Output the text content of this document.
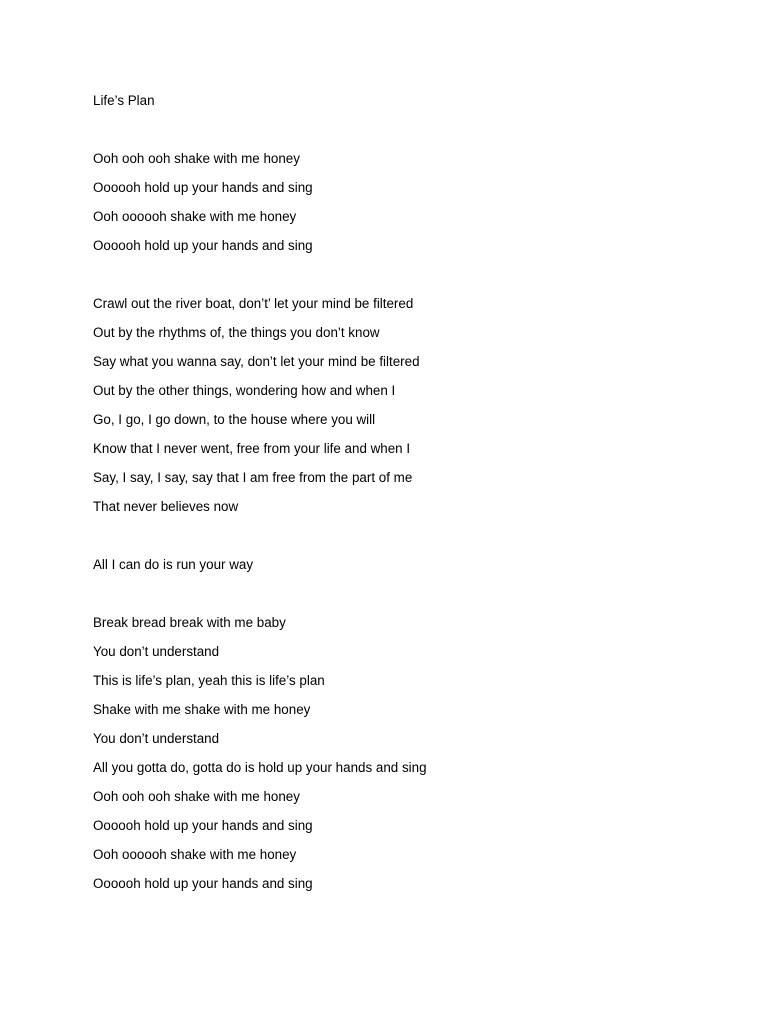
Life’s Plan
Ooh ooh ooh shake with me honey
Oooooh hold up your hands and sing
Ooh oooooh shake with me honey
Oooooh hold up your hands and sing
Crawl out the river boat, don’t’ let your mind be filtered
Out by the rhythms of, the things you don’t know
Say what you wanna say, don’t let your mind be filtered
Out by the other things, wondering how and when I
Go, I go, I go down, to the house where you will
Know that I never went, free from your life and when I
Say, I say, I say, say that I am free from the part of me
That never believes now
All I can do is run your way
Break bread break with me baby
You don’t understand
This is life’s plan, yeah this is life’s plan
Shake with me shake with me honey
You don’t understand
All you gotta do, gotta do is hold up your hands and sing
Ooh ooh ooh shake with me honey
Oooooh hold up your hands and sing
Ooh oooooh shake with me honey
Oooooh hold up your hands and sing
